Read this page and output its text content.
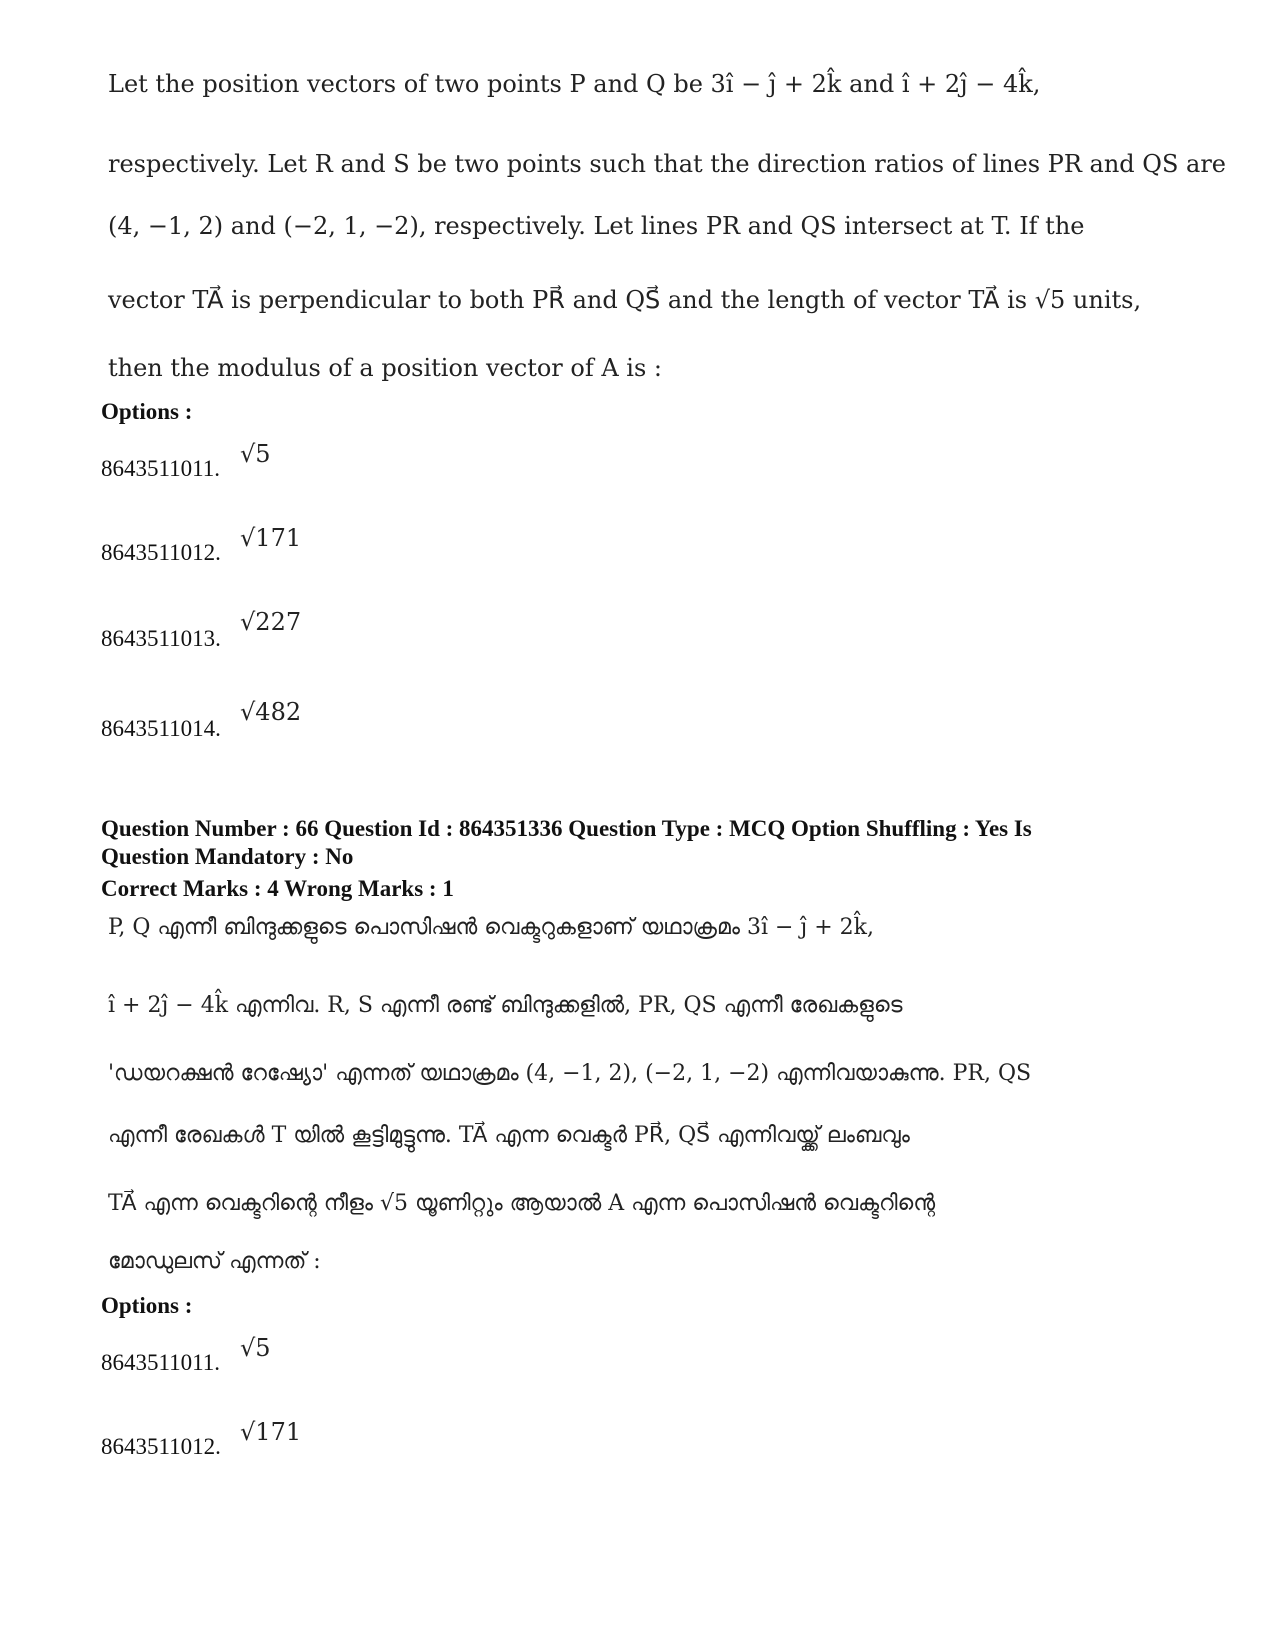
Let the position vectors of two points P and Q be 3î − ĵ + 2k̂ and î + 2ĵ − 4k̂,
respectively. Let R and S be two points such that the direction ratios of lines PR and QS are
(4, −1, 2) and (−2, 1, −2), respectively. Let lines PR and QS intersect at T. If the
vector TA⃗ is perpendicular to both PR⃗ and QS⃗ and the length of vector TA⃗ is √5 units,
then the modulus of a position vector of A is :
Options :
8643511011.
√5
8643511012.
√171
8643511013.
√227
8643511014.
√482
Question Number : 66 Question Id : 864351336 Question Type : MCQ Option Shuffling : Yes Is
Question Mandatory : No
Correct Marks : 4 Wrong Marks : 1
P, Q എന്നീ ബിന്ദുക്കളുടെ പൊസിഷൻ വെക്ടറുകളാണ് യഥാക്രമം 3î − ĵ + 2k̂,
î + 2ĵ − 4k̂ എന്നിവ. R, S എന്നീ രണ്ട് ബിന്ദുക്കളിൽ, PR, QS എന്നീ രേഖകളുടെ
'ഡയറക്ഷൻ റേഷ്യോ' എന്നത് യഥാക്രമം (4, −1, 2), (−2, 1, −2) എന്നിവയാകുന്നു. PR, QS
എന്നീ രേഖകൾ T യിൽ കൂട്ടിമുട്ടുന്നു. TA⃗ എന്ന വെക്ടർ PR⃗, QS⃗ എന്നിവയ്ക്ക് ലംബവും
TA⃗ എന്ന വെക്ടറിന്റെ നീളം √5 യൂണിറ്റും ആയാൽ A എന്ന പൊസിഷൻ വെക്ടറിന്റെ
മോഡുലസ് എന്നത് :
Options :
8643511011.
√5
8643511012.
√171
